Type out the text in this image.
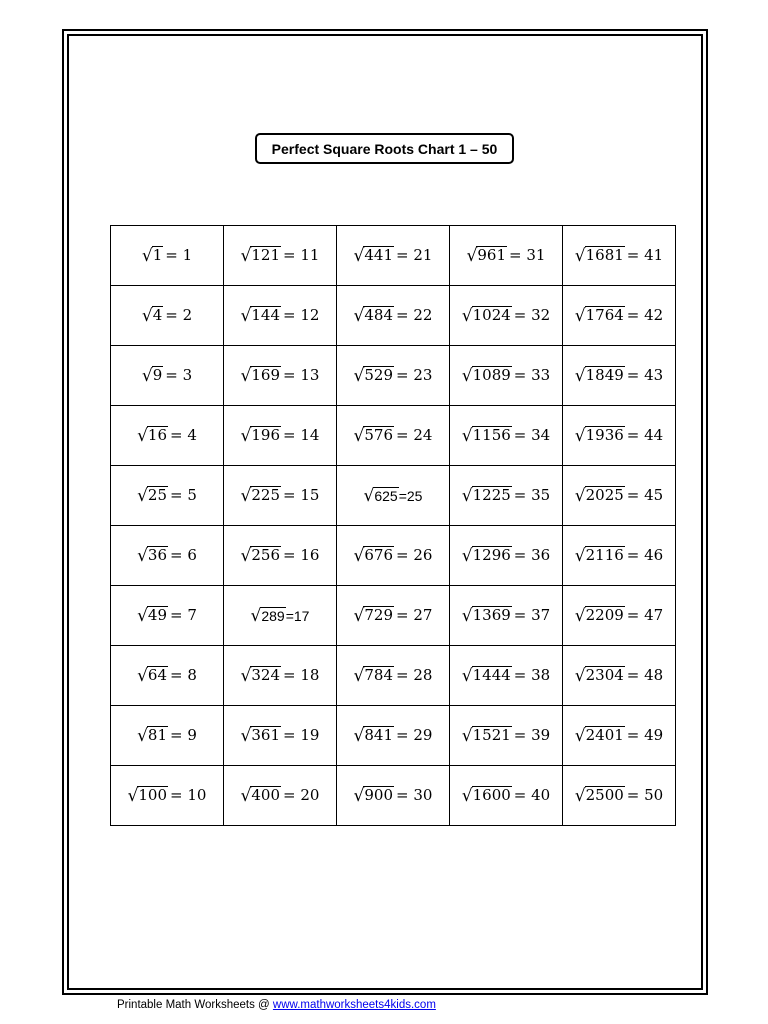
Perfect Square Roots Chart 1 – 50
√ 1 = 1	√ 121 = 11	√ 441 = 21	√ 961 = 31	√ 1681 = 41

√ 4 = 2	√ 144 = 12	√ 484 = 22	√ 1024 = 32	√ 1764 = 42

√ 9 = 3	√ 169 = 13	√ 529 = 23	√ 1089 = 33	√ 1849 = 43

√ 16 = 4	√ 196 = 14	√ 576 = 24	√ 1156 = 34	√ 1936 = 44

√ 25 = 5	√ 225 = 15	√ 625 =25	√ 1225 = 35	√ 2025 = 45

√ 36 = 6	√ 256 = 16	√ 676 = 26	√ 1296 = 36	√ 2116 = 46

√ 49 = 7	√ 289 =17	√ 729 = 27	√ 1369 = 37	√ 2209 = 47

√ 64 = 8	√ 324 = 18	√ 784 = 28	√ 1444 = 38	√ 2304 = 48

√ 81 = 9	√ 361 = 19	√ 841 = 29	√ 1521 = 39	√ 2401 = 49

√ 100 = 10	√ 400 = 20	√ 900 = 30	√ 1600 = 40	√ 2500 = 50
Printable Math Worksheets @ www.mathworksheets4kids.com
